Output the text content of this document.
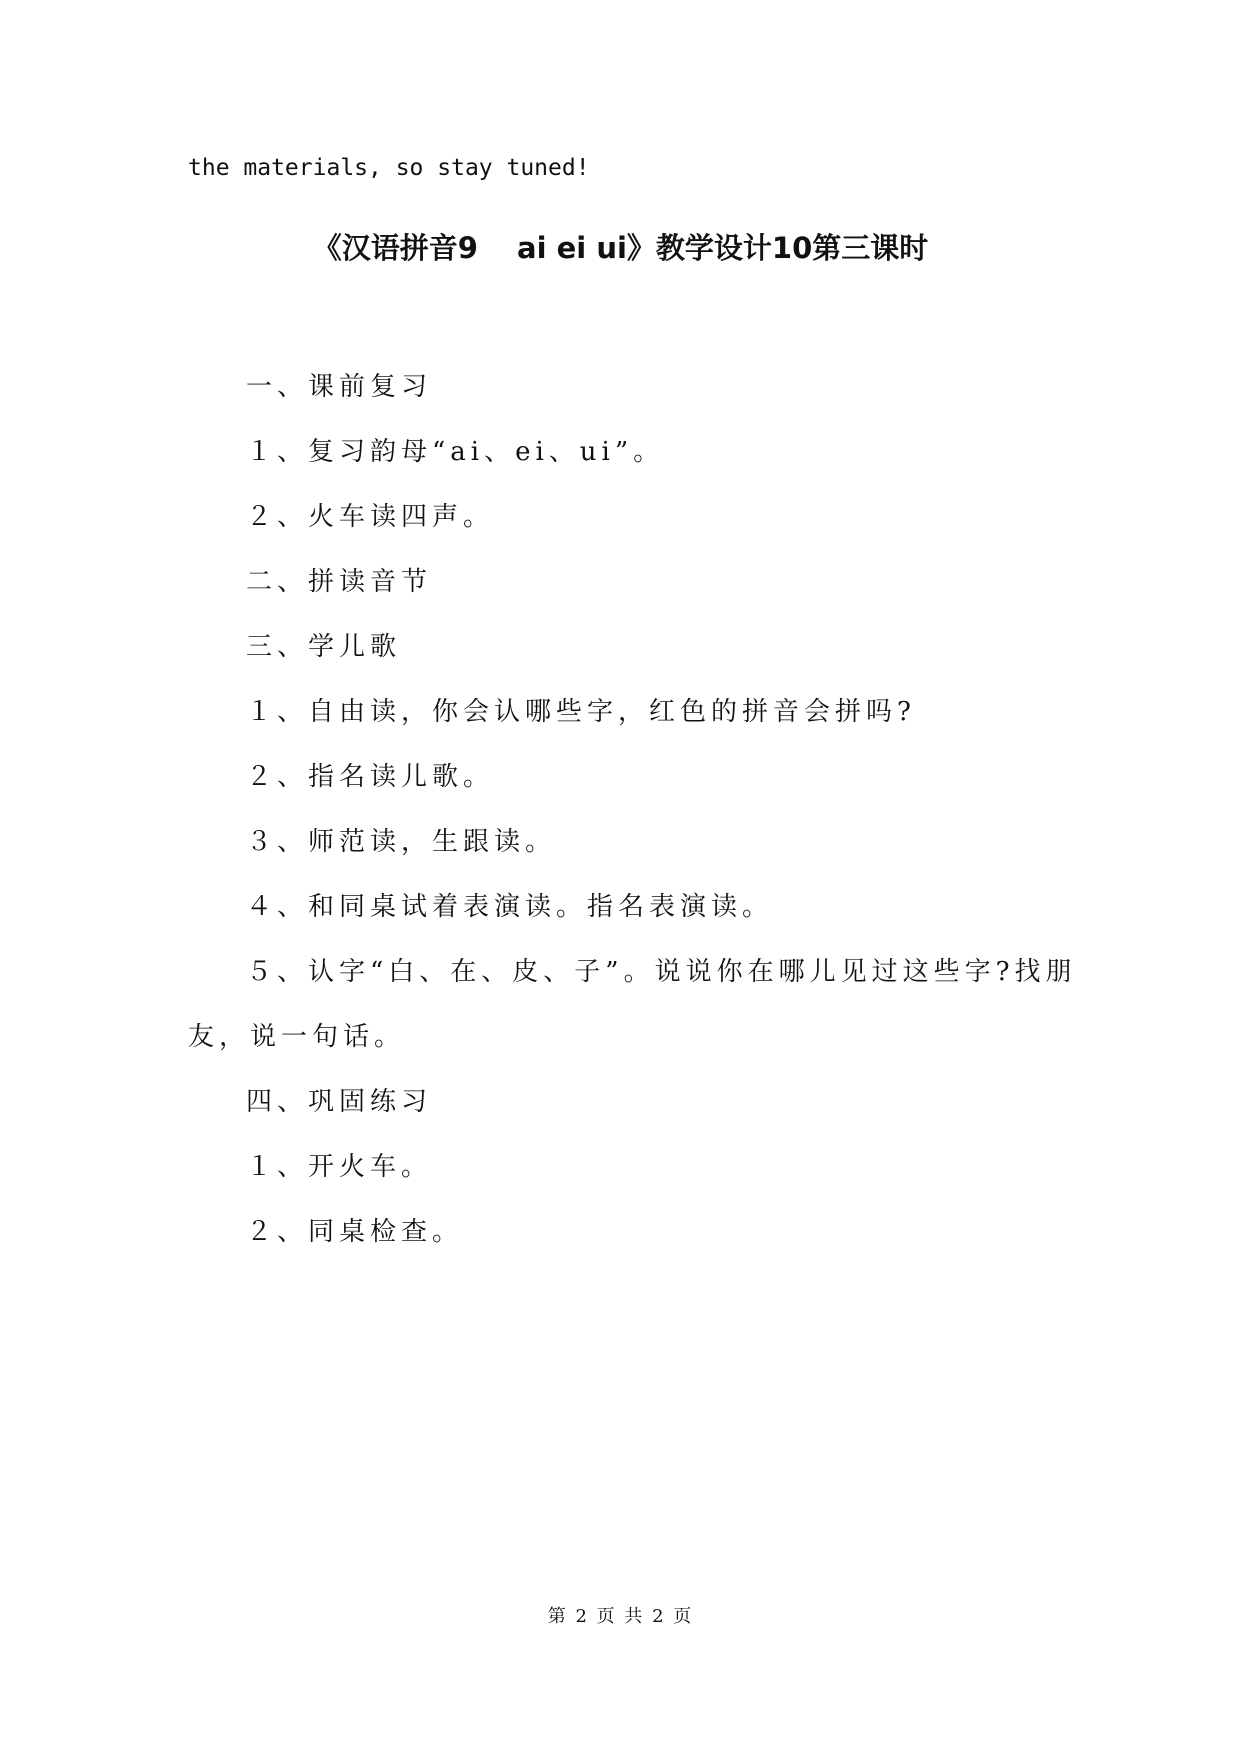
the materials, so stay tuned!
《汉语拼音9　 ai ei ui》教学设计10第三课时
一、课前复习
１、复习韵母“ai、ei、ui”。
２、火车读四声。
二、拼读音节
三、学儿歌
１、自由读，你会认哪些字，红色的拼音会拼吗?
２、指名读儿歌。
３、师范读，生跟读。
４、和同桌试着表演读。指名表演读。
５、认字“白、在、皮、子”。说说你在哪儿见过这些字?找朋
友，说一句话。
四、巩固练习
１、开火车。
２、同桌检查。
第 2 页 共 2 页
